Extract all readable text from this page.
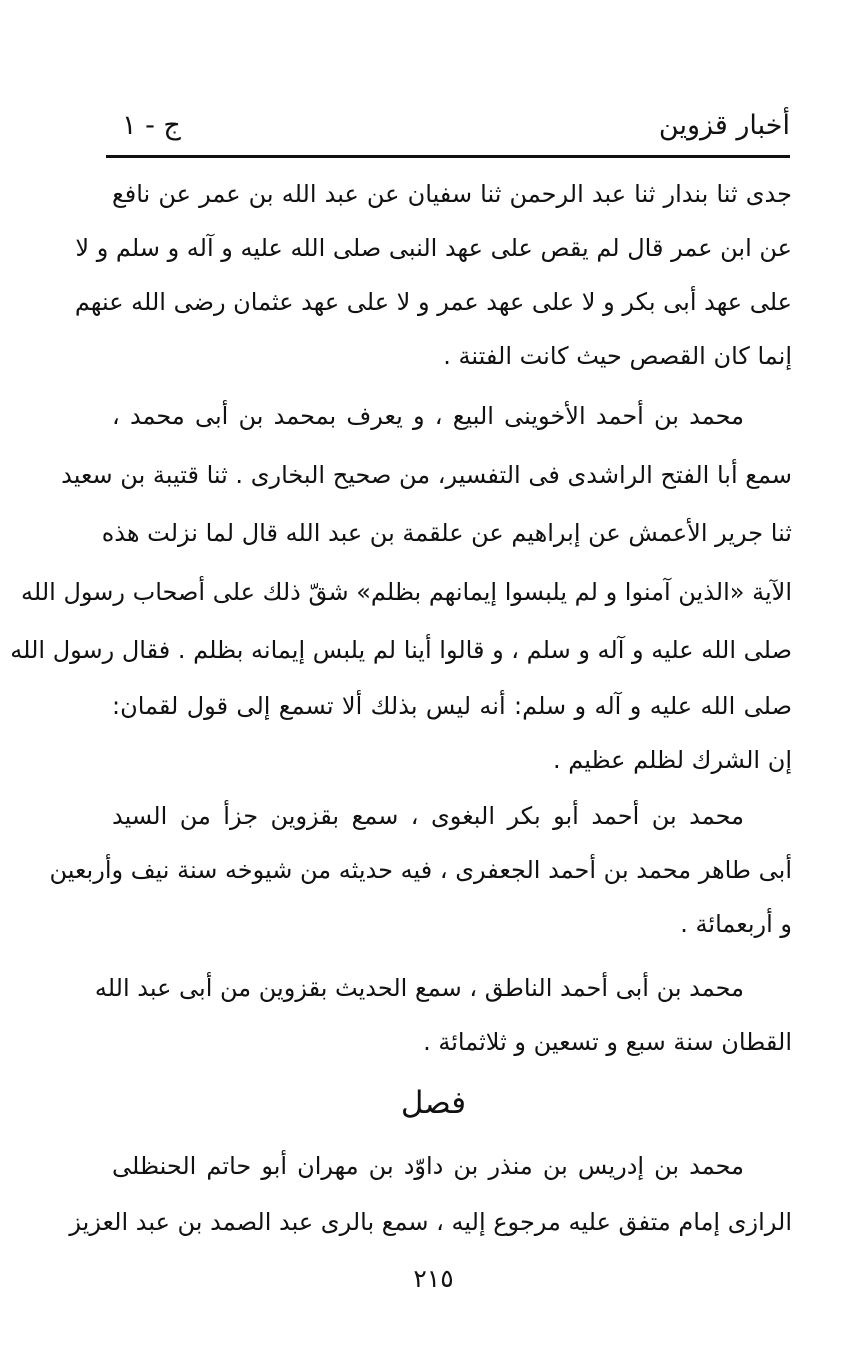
أخبار قزوين
ج - ١
جدى ثنا بندار ثنا عبد الرحمن ثنا سفيان عن عبد الله بن عمر عن نافع
عن ابن عمر قال لم يقص على عهد النبى صلى الله عليه و آله و سلم و لا
على عهد أبى بكر و لا على عهد عمر و لا على عهد عثمان رضى الله عنهم
إنما كان القصص حيث كانت الفتنة .
محمد بن أحمد الأخوينى البيع ، و يعرف بمحمد بن أبى محمد ،
سمع أبا الفتح الراشدى فى التفسير، من صحيح البخارى . ثنا قتيبة بن سعيد
ثنا جرير الأعمش عن إبراهيم عن علقمة بن عبد الله قال لما نزلت هذه
الآية «الذين آمنوا و لم يلبسوا إيمانهم بظلم» شقّ ذلك على أصحاب رسول الله
صلى الله عليه و آله و سلم ، و قالوا أينا لم يلبس إيمانه بظلم . فقال رسول الله
صلى الله عليه و آله و سلم: أنه ليس بذلك ألا تسمع إلى قول لقمان:
إن الشرك لظلم عظيم .
محمد بن أحمد أبو بكر البغوى ، سمع بقزوين جزأ من السيد
أبى طاهر محمد بن أحمد الجعفرى ، فيه حديثه من شيوخه سنة نيف وأربعين
و أربعمائة .
محمد بن أبى أحمد الناطق ، سمع الحديث بقزوين من أبى عبد الله
القطان سنة سبع و تسعين و ثلاثمائة .
فصل
محمد بن إدريس بن منذر بن داوّد بن مهران أبو حاتم الحنظلى
الرازى إمام متفق عليه مرجوع إليه ، سمع بالرى عبد الصمد بن عبد العزيز
٢١٥
